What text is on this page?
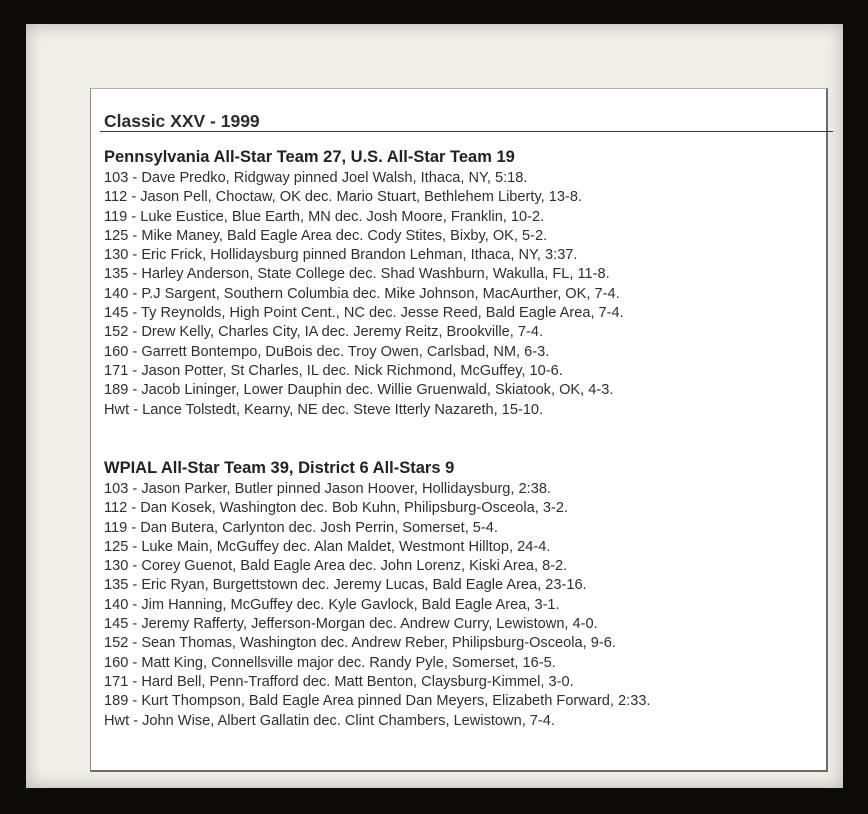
Classic XXV - 1999
Pennsylvania All-Star Team 27, U.S. All-Star Team 19
103 - Dave Predko, Ridgway pinned Joel Walsh, Ithaca, NY, 5:18.
112 - Jason Pell, Choctaw, OK dec. Mario Stuart, Bethlehem Liberty, 13-8.
119 - Luke Eustice, Blue Earth, MN dec. Josh Moore, Franklin, 10-2.
125 - Mike Maney, Bald Eagle Area dec. Cody Stites, Bixby, OK, 5-2.
130 - Eric Frick, Hollidaysburg pinned Brandon Lehman, Ithaca, NY, 3:37.
135 - Harley Anderson, State College dec. Shad Washburn, Wakulla, FL, 11-8.
140 - P.J Sargent, Southern Columbia dec. Mike Johnson, MacAurther, OK, 7-4.
145 - Ty Reynolds, High Point Cent., NC dec. Jesse Reed, Bald Eagle Area, 7-4.
152 - Drew Kelly, Charles City, IA dec. Jeremy Reitz, Brookville, 7-4.
160 - Garrett Bontempo, DuBois dec. Troy Owen, Carlsbad, NM, 6-3.
171 - Jason Potter, St Charles, IL dec. Nick Richmond, McGuffey, 10-6.
189 - Jacob Lininger, Lower Dauphin dec. Willie Gruenwald, Skiatook, OK, 4-3.
Hwt - Lance Tolstedt, Kearny, NE dec. Steve Itterly Nazareth, 15-10.
WPIAL All-Star Team 39, District 6 All-Stars 9
103 - Jason Parker, Butler pinned Jason Hoover, Hollidaysburg, 2:38.
112 - Dan Kosek, Washington dec. Bob Kuhn, Philipsburg-Osceola, 3-2.
119 - Dan Butera, Carlynton dec. Josh Perrin, Somerset, 5-4.
125 - Luke Main, McGuffey dec. Alan Maldet, Westmont Hilltop, 24-4.
130 - Corey Guenot, Bald Eagle Area dec. John Lorenz, Kiski Area, 8-2.
135 - Eric Ryan, Burgettstown dec. Jeremy Lucas, Bald Eagle Area, 23-16.
140 - Jim Hanning, McGuffey dec. Kyle Gavlock, Bald Eagle Area, 3-1.
145 - Jeremy Rafferty, Jefferson-Morgan dec. Andrew Curry, Lewistown, 4-0.
152 - Sean Thomas, Washington dec. Andrew Reber, Philipsburg-Osceola, 9-6.
160 - Matt King, Connellsville major dec. Randy Pyle, Somerset, 16-5.
171 - Hard Bell, Penn-Trafford dec. Matt Benton, Claysburg-Kimmel, 3-0.
189 - Kurt Thompson, Bald Eagle Area pinned Dan Meyers, Elizabeth Forward, 2:33.
Hwt - John Wise, Albert Gallatin dec. Clint Chambers, Lewistown, 7-4.
